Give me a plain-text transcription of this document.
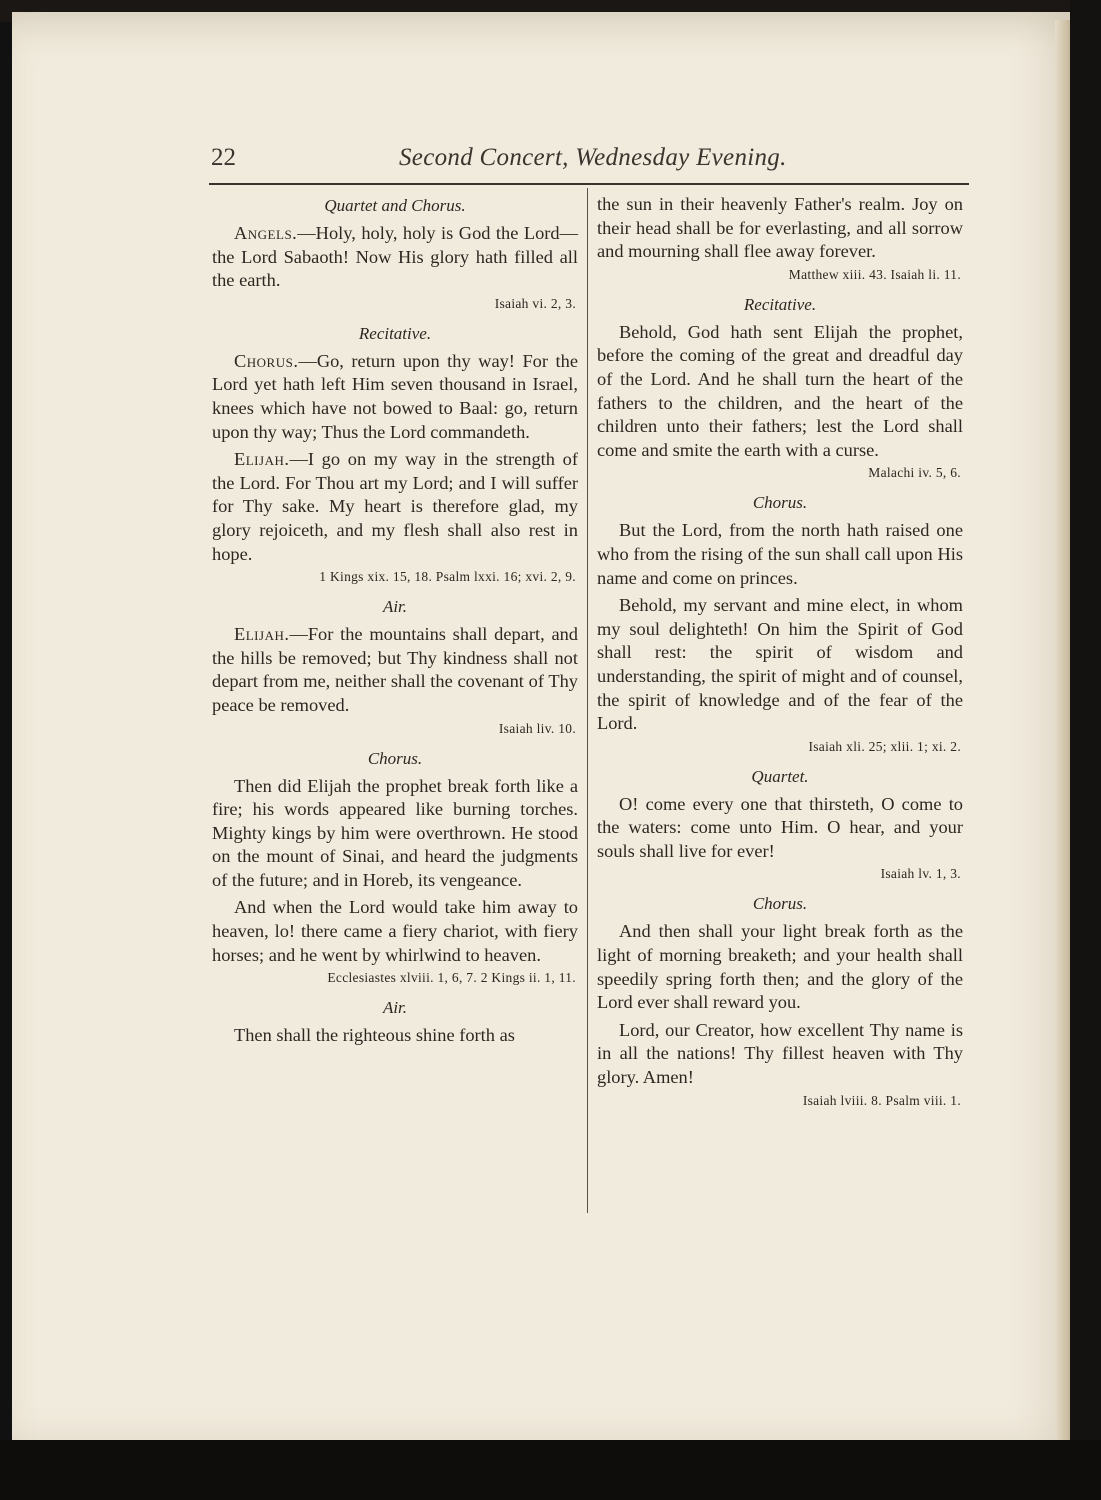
22	Second Concert, Wednesday Evening.

Quartet and Chorus.

Angels.—Holy, holy, holy is God the Lord—the Lord Sabaoth! Now His glory hath filled all the earth.

Isaiah vi. 2, 3.

Recitative.

Chorus.—Go, return upon thy way! For the Lord yet hath left Him seven thousand in Israel, knees which have not bowed to Baal: go, return upon thy way; Thus the Lord commandeth.

Elijah.—I go on my way in the strength of the Lord. For Thou art my Lord; and I will suffer for Thy sake. My heart is therefore glad, my glory rejoiceth, and my flesh shall also rest in hope.

1 Kings xix. 15, 18. Psalm lxxi. 16; xvi. 2, 9.

Air.

Elijah.—For the mountains shall depart, and the hills be removed; but Thy kindness shall not depart from me, neither shall the covenant of Thy peace be removed.

Isaiah liv. 10.

Chorus.

Then did Elijah the prophet break forth like a fire; his words appeared like burning torches. Mighty kings by him were overthrown. He stood on the mount of Sinai, and heard the judgments of the future; and in Horeb, its vengeance.

And when the Lord would take him away to heaven, lo! there came a fiery chariot, with fiery horses; and he went by whirlwind to heaven.

Ecclesiastes xlviii. 1, 6, 7. 2 Kings ii. 1, 11.

Air.

Then shall the righteous shine forth as

the sun in their heavenly Father's realm. Joy on their head shall be for everlasting, and all sorrow and mourning shall flee away forever.

Matthew xiii. 43. Isaiah li. 11.

Recitative.

Behold, God hath sent Elijah the prophet, before the coming of the great and dreadful day of the Lord. And he shall turn the heart of the fathers to the children, and the heart of the children unto their fathers; lest the Lord shall come and smite the earth with a curse.

Malachi iv. 5, 6.

Chorus.

But the Lord, from the north hath raised one who from the rising of the sun shall call upon His name and come on princes.

Behold, my servant and mine elect, in whom my soul delighteth! On him the Spirit of God shall rest: the spirit of wisdom and understanding, the spirit of might and of counsel, the spirit of knowledge and of the fear of the Lord.

Isaiah xli. 25; xlii. 1; xi. 2.

Quartet.

O! come every one that thirsteth, O come to the waters: come unto Him. O hear, and your souls shall live for ever!

Isaiah lv. 1, 3.

Chorus.

And then shall your light break forth as the light of morning breaketh; and your health shall speedily spring forth then; and the glory of the Lord ever shall reward you.

Lord, our Creator, how excellent Thy name is in all the nations! Thy fillest heaven with Thy glory. Amen!

Isaiah lviii. 8. Psalm viii. 1.
